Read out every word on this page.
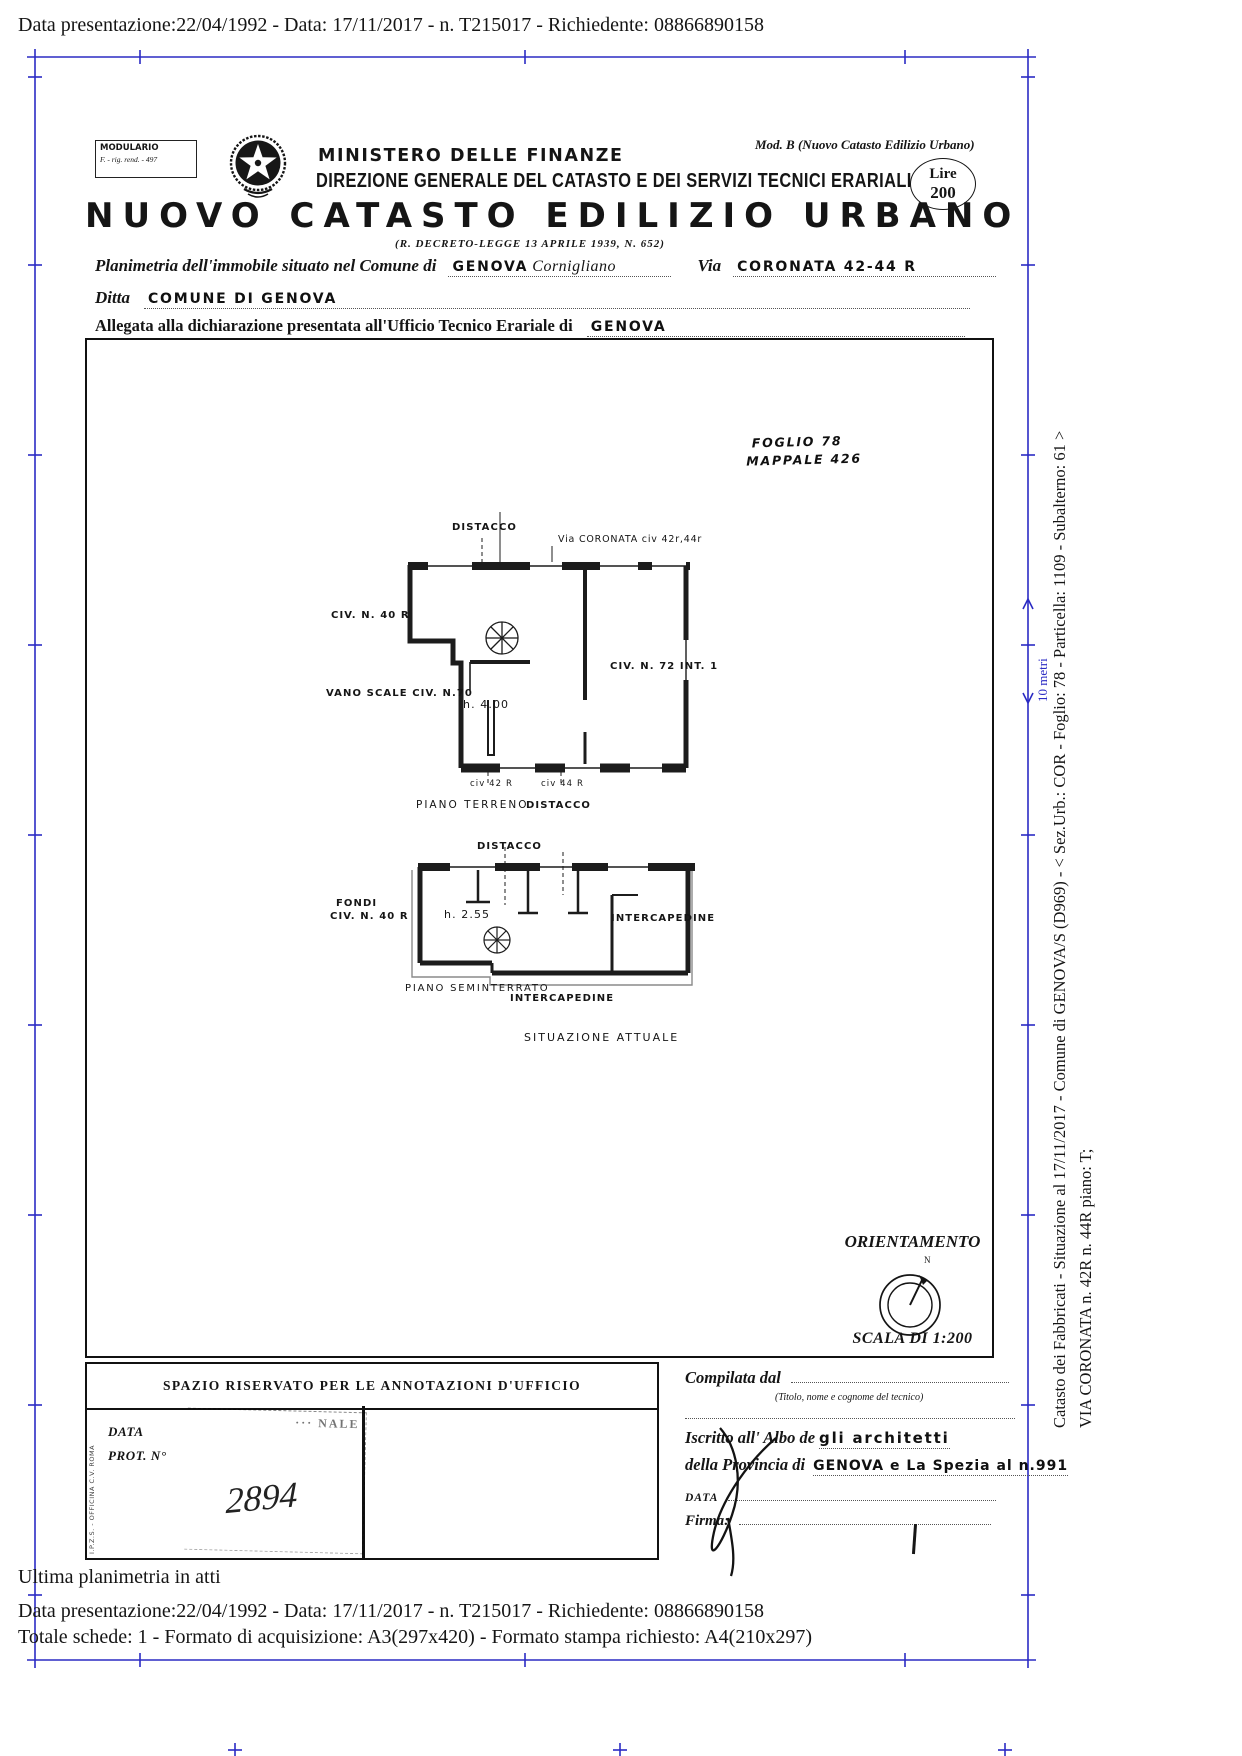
Data presentazione:22/04/1992 - Data: 17/11/2017 - n. T215017 - Richiedente: 08866890158
10 metri Catasto dei Fabbricati - Situazione al 17/11/2017 - Comune di GENOVA/S (D969) - < Sez.Urb.: COR - Foglio: 78 - Particella: 1109 - Subalterno: 61 > VIA CORONATA n. 42R n. 44R piano: T;
MODULARIO
F. - rig. rend. - 497	MINISTERO DELLE FINANZE
DIREZIONE GENERALE DEL CATASTO E DEI SERVIZI TECNICI ERARIALI
Mod. B (Nuovo Catasto Edilizio Urbano)
Lire
200
NUOVO CATASTO EDILIZIO URBANO
(R. DECRETO-LEGGE 13 APRILE 1939, N. 652)
Planimetria dell'immobile situato nel Comune di GENOVA Cornigliano	Via CORONATA 42-44 R
Ditta COMUNE DI GENOVA
Allegata alla dichiarazione presentata all'Ufficio Tecnico Erariale di GENOVA
FOGLIO 78
MAPPALE 426
DISTACCO
Via CORONATA civ 42r,44r
CIV. N. 40 R
VANO SCALE CIV. N.70
h. 4.00
CIV. N. 72 INT. 1
civ 42 R	civ 44 R
PIANO TERRENO
DISTACCO
DISTACCO
FONDI
CIV. N. 40 R	h. 2.55	INTERCAPEDINE
PIANO SEMINTERRATO
INTERCAPEDINE
SITUAZIONE ATTUALE
ORIENTAMENTO
N
SCALA DI 1:200
SPAZIO RISERVATO PER LE ANNOTAZIONI D'UFFICIO
DATA
PROT. N°
I.P.Z.S. - OFFICINA C.V. ROMA
··· NALE
2894
Compilata dal
(Titolo, nome e cognome del tecnico)
Iscritto all' Albo de gli architetti
della Provincia di GENOVA e La Spezia al n.991
DATA
Firma:
Ultima planimetria in atti
Data presentazione:22/04/1992 - Data: 17/11/2017 - n. T215017 - Richiedente: 08866890158
Totale schede: 1 - Formato di acquisizione: A3(297x420) - Formato stampa richiesto: A4(210x297)
